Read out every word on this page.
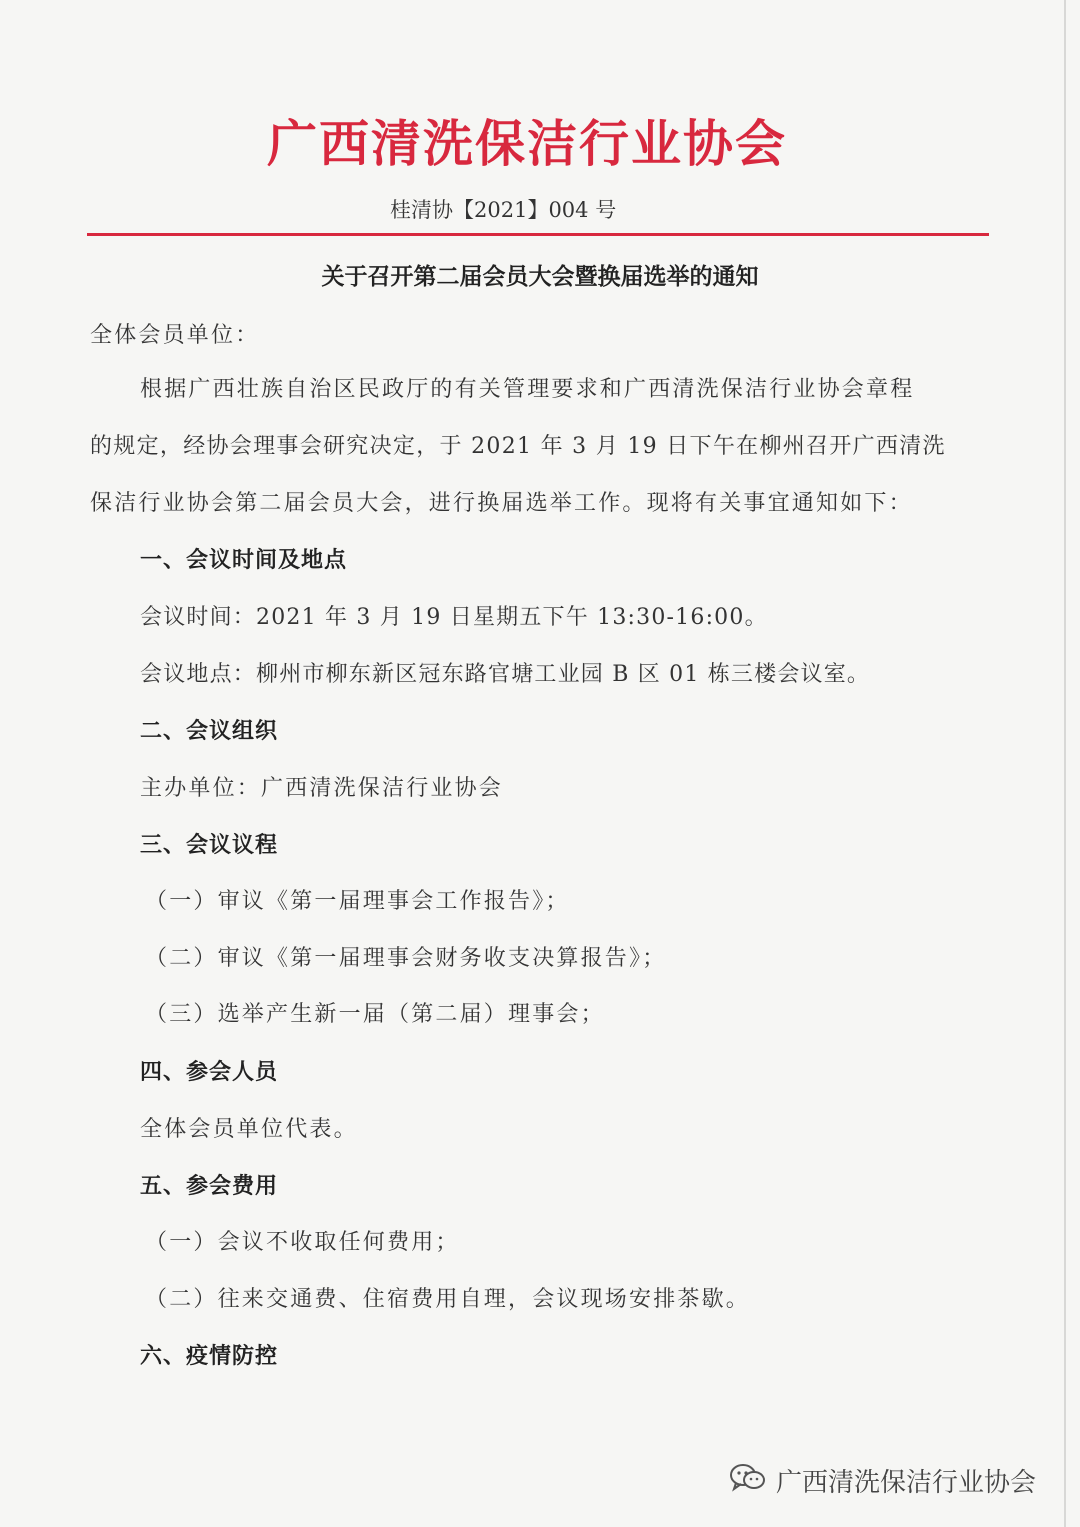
广西清洗保洁行业协会
桂清协【2021】004 号
关于召开第二届会员大会暨换届选举的通知
全体会员单位：
根据广西壮族自治区民政厅的有关管理要求和广西清洗保洁行业协会章程
的规定，经协会理事会研究决定，于 2021 年 3 月 19 日下午在柳州召开广西清洗
保洁行业协会第二届会员大会，进行换届选举工作。现将有关事宜通知如下：
一、会议时间及地点
会议时间：2021 年 3 月 19 日星期五下午 13:30-16:00。
会议地点：柳州市柳东新区冠东路官塘工业园 B 区 01 栋三楼会议室。
二、会议组织
主办单位：广西清洗保洁行业协会
三、会议议程
（一）审议《第一届理事会工作报告》；
（二）审议《第一届理事会财务收支决算报告》；
（三）选举产生新一届（第二届）理事会；
四、参会人员
全体会员单位代表。
五、参会费用
（一）会议不收取任何费用；
（二）往来交通费、住宿费用自理，会议现场安排茶歇。
六、疫情防控
广西清洗保洁行业协会
